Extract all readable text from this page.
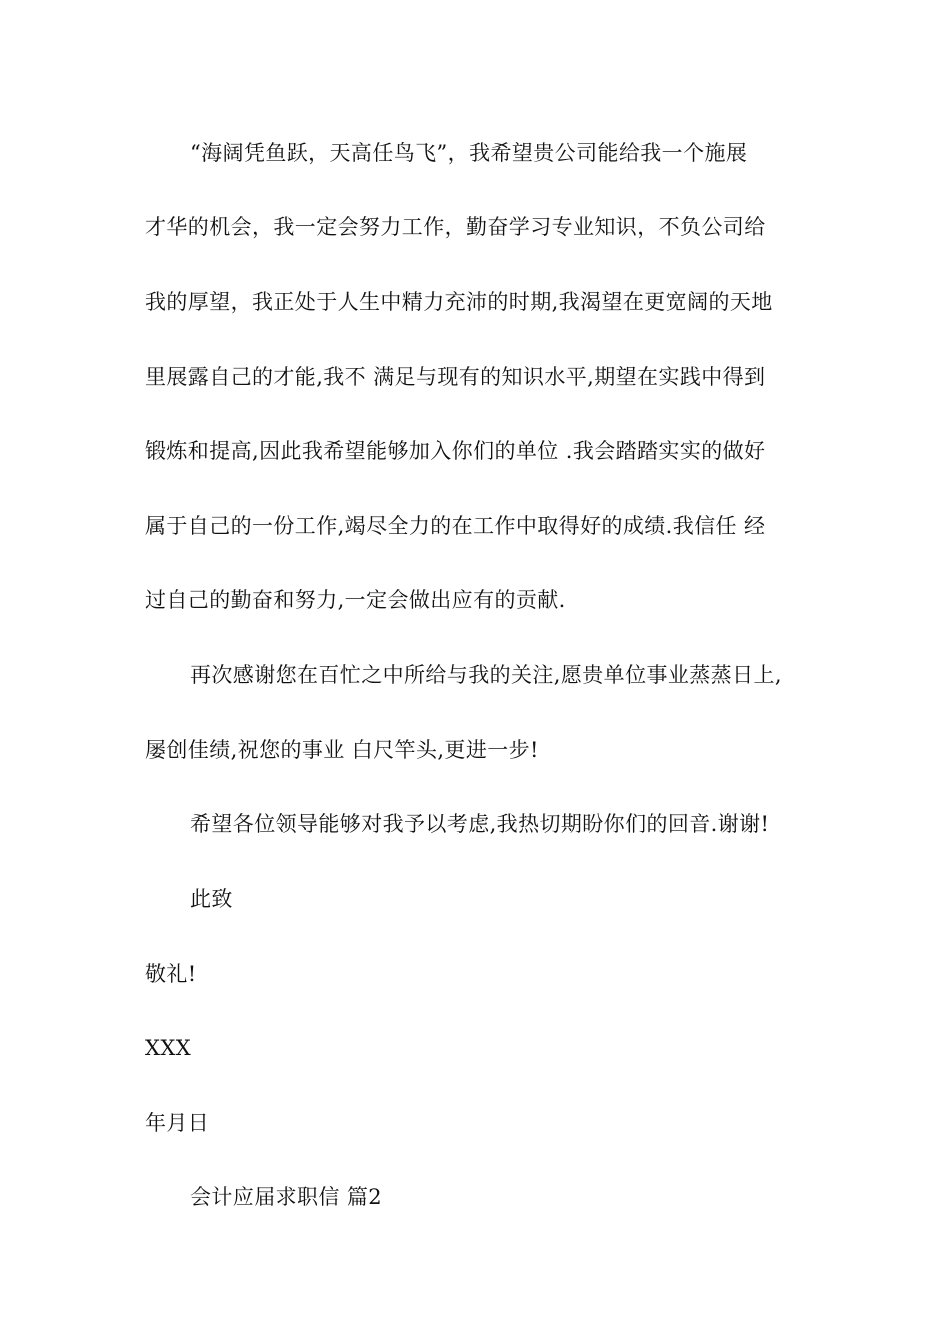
“海阔凭鱼跃，天高任鸟飞”，我希望贵公司能给我一个施展
才华的机会，我一定会努力工作，勤奋学习专业知识，不负公司给
我的厚望，我正处于人生中精力充沛的时期,我渴望在更宽阔的天地
里展露自己的才能,我不 满足与现有的知识水平,期望在实践中得到
锻炼和提高,因此我希望能够加入你们的单位 .我会踏踏实实的做好
属于自己的一份工作,竭尽全力的在工作中取得好的成绩.我信任 经
过自己的勤奋和努力,一定会做出应有的贡献.
再次感谢您在百忙之中所给与我的关注,愿贵单位事业蒸蒸日上,
屡创佳绩,祝您的事业 白尺竿头,更进一步!
希望各位领导能够对我予以考虑,我热切期盼你们的回音.谢谢!
此致
敬礼!
XXX
年月日
会计应届求职信 篇2
